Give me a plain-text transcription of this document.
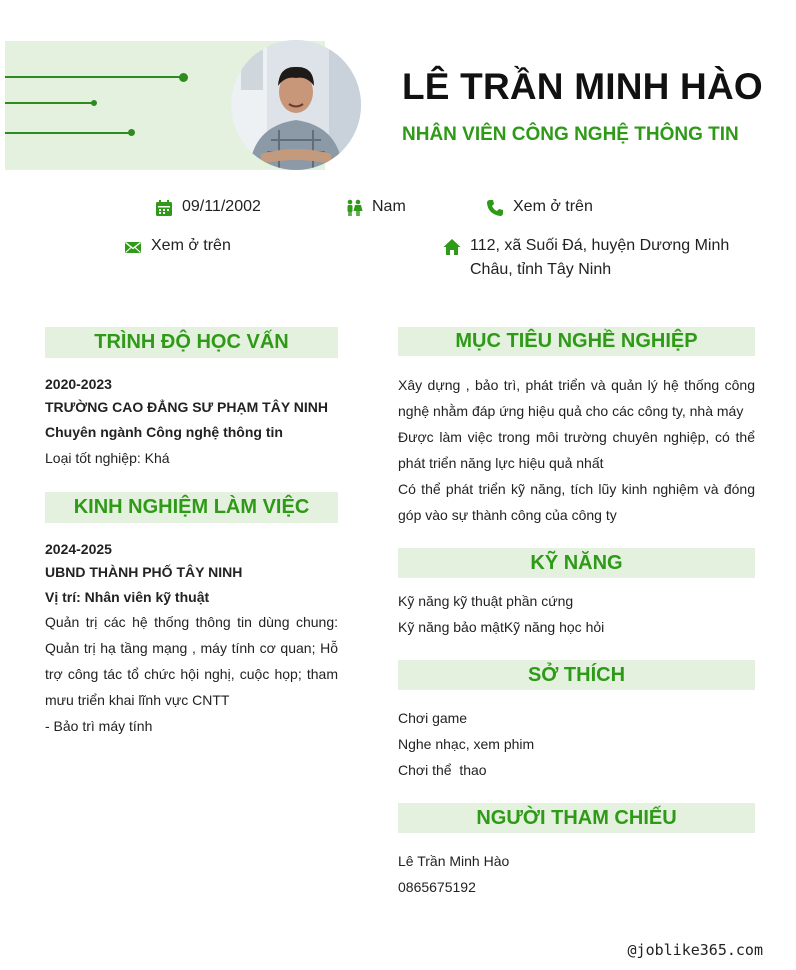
LÊ TRẦN MINH HÀO
NHÂN VIÊN CÔNG NGHỆ THÔNG TIN
09/11/2002	Nam	Xem ở trên
Xem ở trên	112, xã Suối Đá, huyện Dương Minh Châu, tỉnh Tây Ninh
TRÌNH ĐỘ HỌC VẤN
2020-2023
TRƯỜNG CAO ĐẲNG SƯ PHẠM TÂY NINH
Chuyên ngành Công nghệ thông tin
Loại tốt nghiệp: Khá
KINH NGHIỆM LÀM VIỆC
2024-2025
UBND THÀNH PHỐ TÂY NINH
Vị trí: Nhân viên kỹ thuật
Quản trị các hệ thống thông tin dùng chung: Quản trị hạ tầng mạng , máy tính cơ quan; Hỗ trợ công tác tổ chức hội nghị, cuộc họp; tham mưu triển khai lĩnh vực CNTT
- Bảo trì máy tính
MỤC TIÊU NGHỀ NGHIỆP
Xây dựng , bảo trì, phát triển và quản lý hệ thống công nghệ nhằm đáp ứng hiệu quả cho các công ty, nhà máy
Được làm việc trong môi trường chuyên nghiệp, có thể phát triển năng lực hiệu quả nhất
Có thể phát triển kỹ năng, tích lũy kinh nghiệm và đóng góp vào sự thành công của công ty
KỸ NĂNG
Kỹ năng kỹ thuật phần cứng
Kỹ năng bảo mậtKỹ năng học hỏi
SỞ THÍCH
Chơi game
Nghe nhạc, xem phim
Chơi thể  thao
NGƯỜI THAM CHIẾU
Lê Trần Minh Hào
0865675192
@joblike365.com
